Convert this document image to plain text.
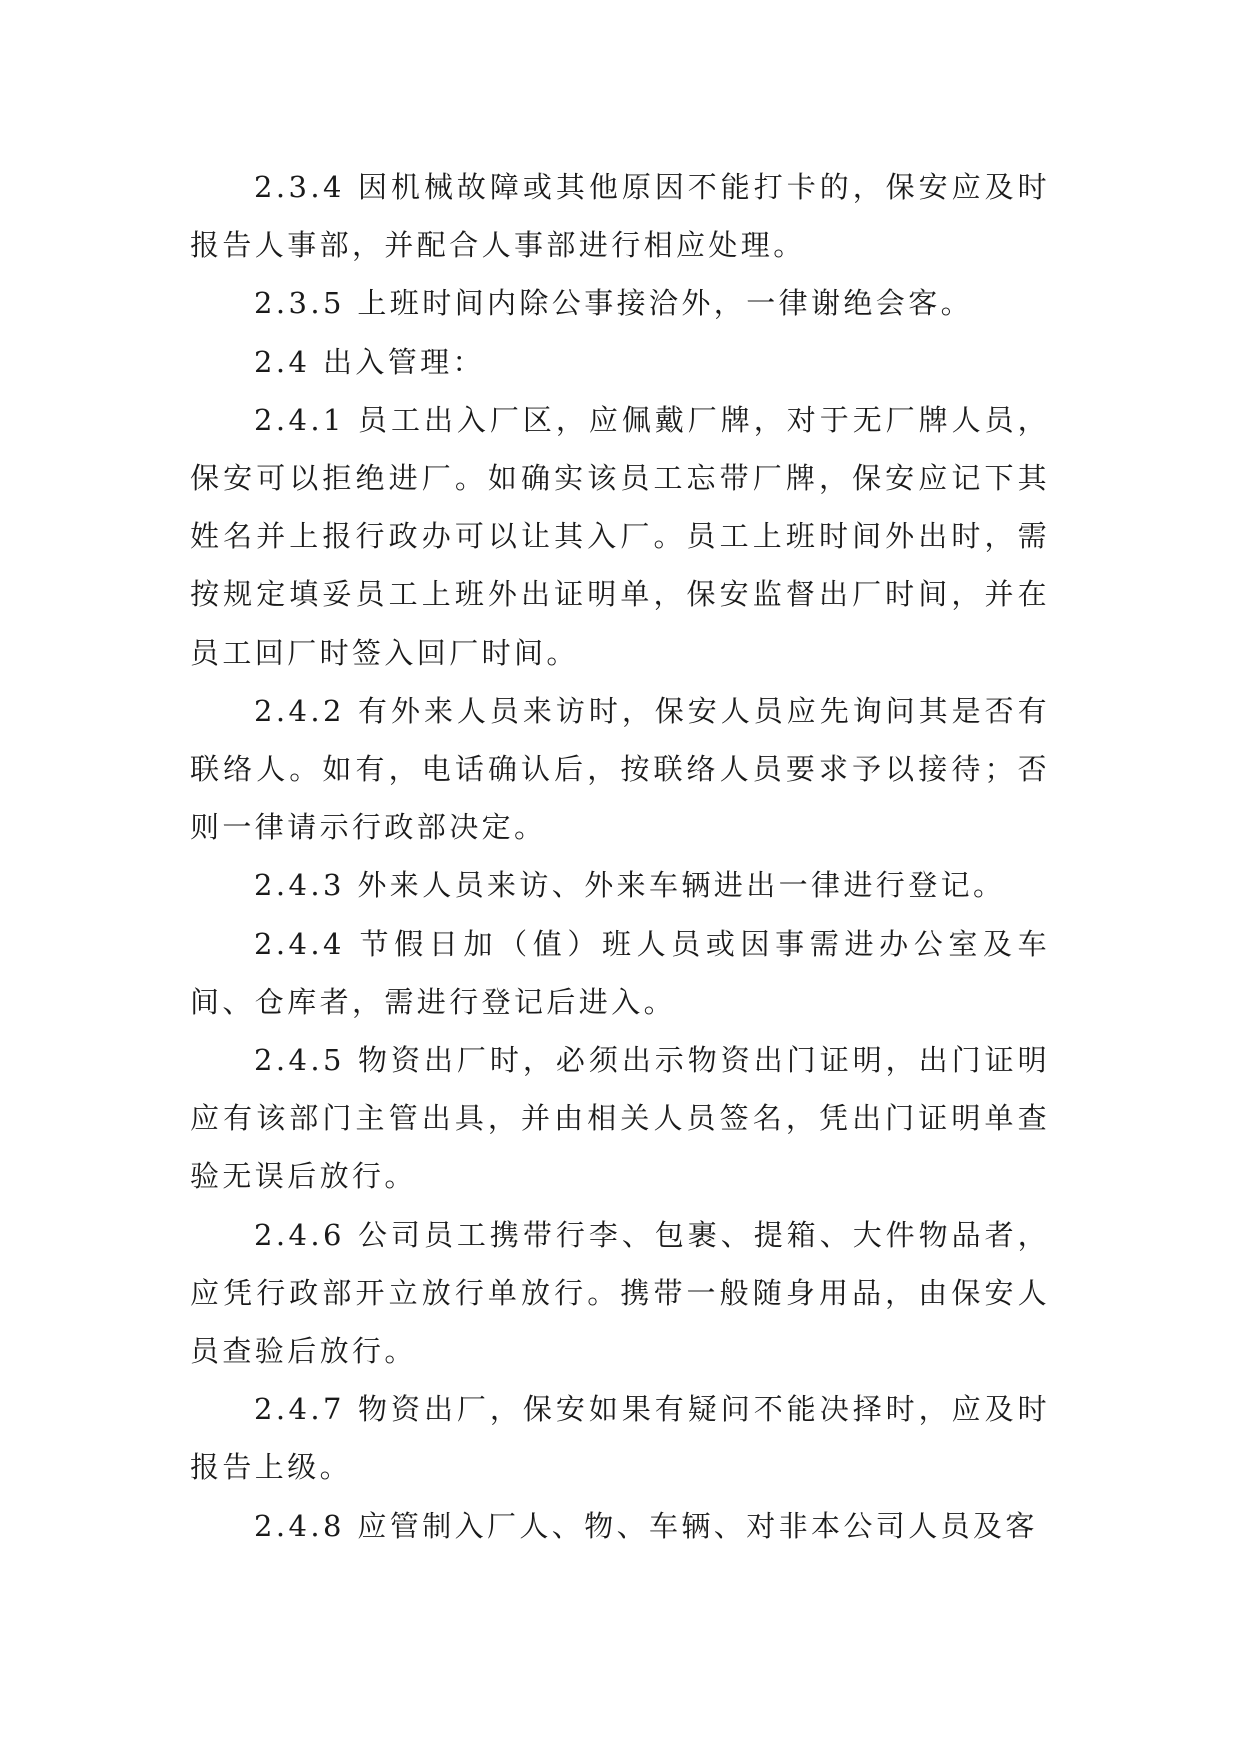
2.3.4 因机械故障或其他原因不能打卡的，保安应及时报告人事部，并配合人事部进行相应处理。

2.3.5 上班时间内除公事接洽外，一律谢绝会客。

2.4 出入管理：

2.4.1 员工出入厂区，应佩戴厂牌，对于无厂牌人员，保安可以拒绝进厂。如确实该员工忘带厂牌，保安应记下其姓名并上报行政办可以让其入厂。员工上班时间外出时，需按规定填妥员工上班外出证明单，保安监督出厂时间，并在员工回厂时签入回厂时间。

2.4.2 有外来人员来访时，保安人员应先询问其是否有联络人。如有，电话确认后，按联络人员要求予以接待；否则一律请示行政部决定。

2.4.3 外来人员来访、外来车辆进出一律进行登记。

2.4.4 节假日加（值）班人员或因事需进办公室及车间、仓库者，需进行登记后进入。

2.4.5 物资出厂时，必须出示物资出门证明，出门证明应有该部门主管出具，并由相关人员签名，凭出门证明单查验无误后放行。

2.4.6 公司员工携带行李、包裹、提箱、大件物品者，应凭行政部开立放行单放行。携带一般随身用品，由保安人员查验后放行。

2.4.7 物资出厂，保安如果有疑问不能决择时，应及时报告上级。

2.4.8 应管制入厂人、物、车辆、对非本公司人员及客
